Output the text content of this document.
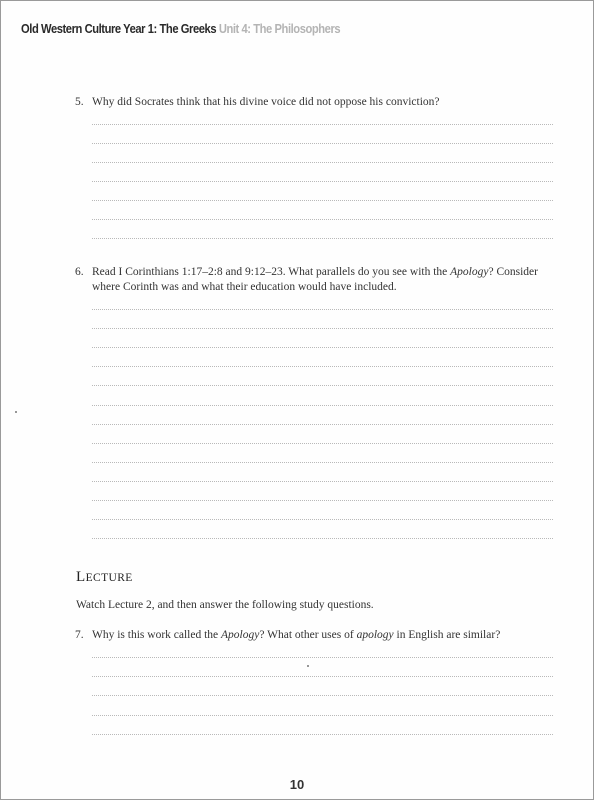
Old Western Culture Year 1: The Greeks Unit 4: The Philosophers
5. Why did Socrates think that his divine voice did not oppose his conviction?
6. Read I Corinthians 1:17–2:8 and 9:12–23. What parallels do you see with the Apology? Consider where Corinth was and what their education would have included.
LECTURE
Watch Lecture 2, and then answer the following study questions.
7. Why is this work called the Apology? What other uses of apology in English are similar?
10
